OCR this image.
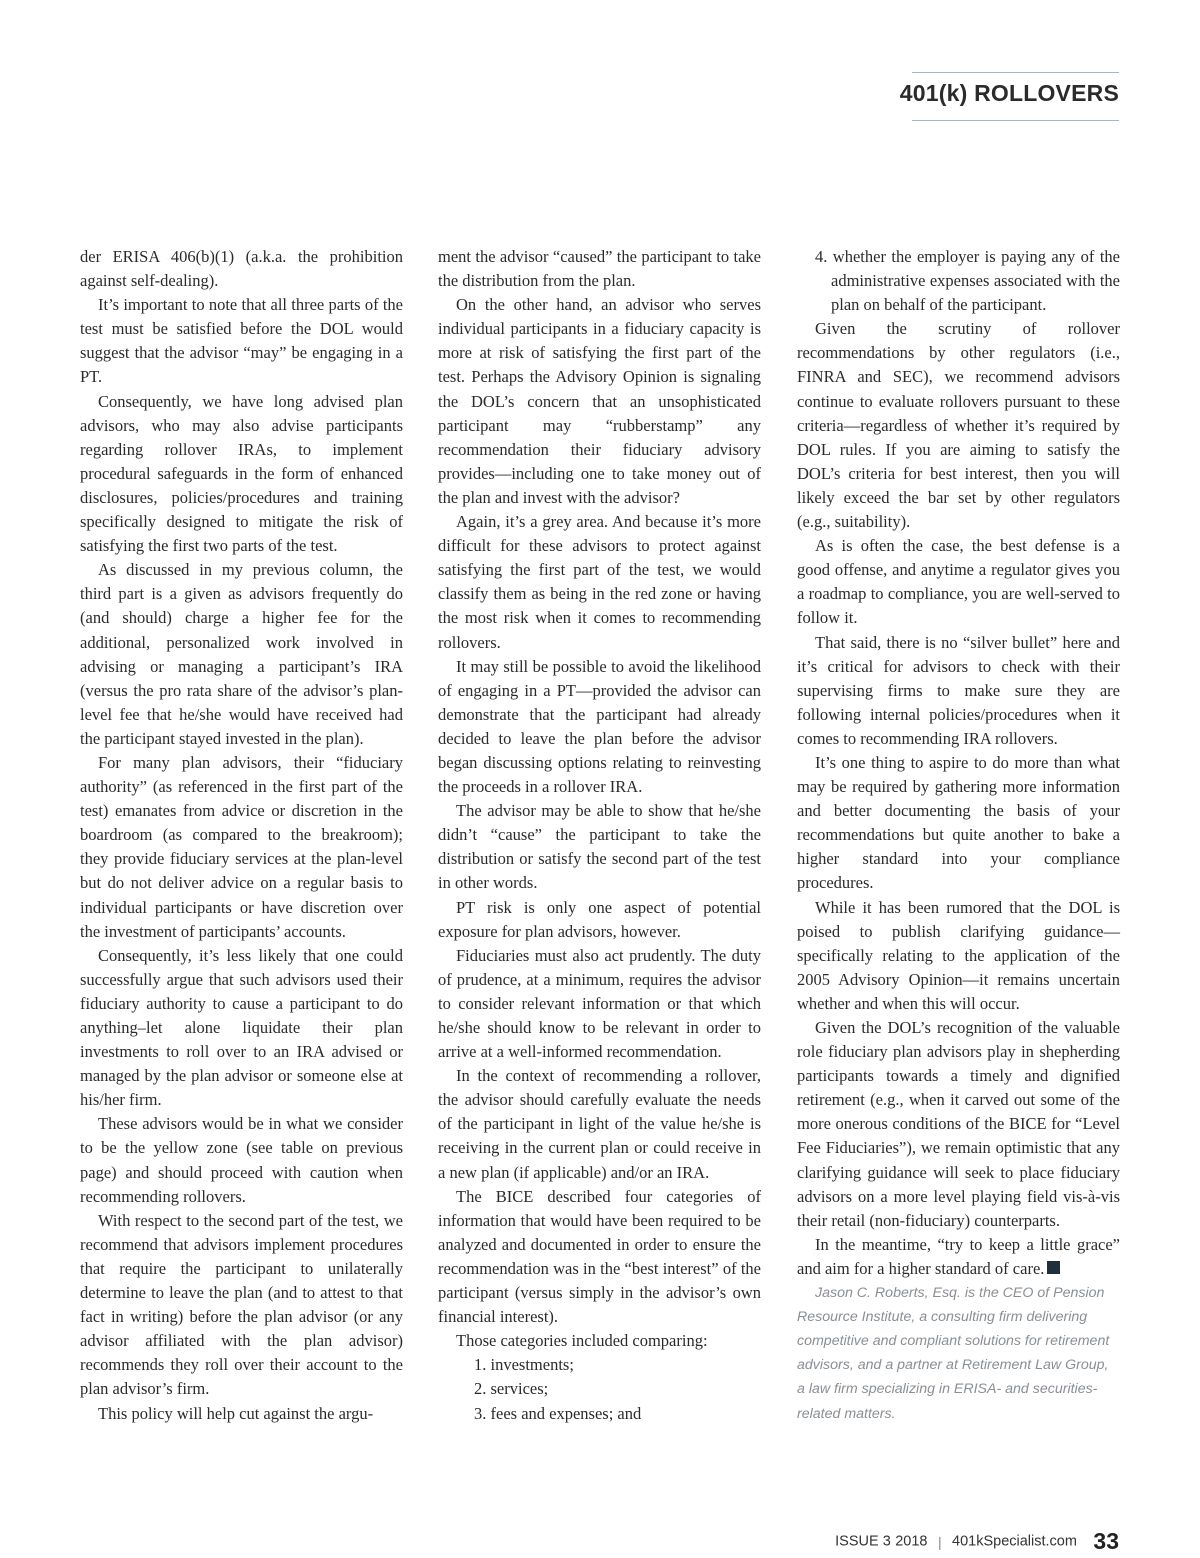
401(k) ROLLOVERS

der ERISA 406(b)(1) (a.k.a. the prohibition against self-dealing).

It’s important to note that all three parts of the test must be satisfied before the DOL would suggest that the advisor “may” be engaging in a PT.

Consequently, we have long advised plan advisors, who may also advise participants regarding rollover IRAs, to implement procedural safeguards in the form of enhanced disclosures, policies/procedures and training specifically designed to mitigate the risk of satisfying the first two parts of the test.

As discussed in my previous column, the third part is a given as advisors frequently do (and should) charge a higher fee for the additional, personalized work involved in advising or managing a participant’s IRA (versus the pro rata share of the advisor’s plan-level fee that he/she would have received had the participant stayed invested in the plan).

For many plan advisors, their “fiduciary authority” (as referenced in the first part of the test) emanates from advice or discretion in the boardroom (as compared to the breakroom); they provide fiduciary services at the plan-level but do not deliver advice on a regular basis to individual participants or have discretion over the investment of participants’ accounts.

Consequently, it’s less likely that one could successfully argue that such advisors used their fiduciary authority to cause a participant to do anything–let alone liquidate their plan investments to roll over to an IRA advised or managed by the plan advisor or someone else at his/her firm.

These advisors would be in what we consider to be the yellow zone (see table on previous page) and should proceed with caution when recommending rollovers.

With respect to the second part of the test, we recommend that advisors implement procedures that require the participant to unilaterally determine to leave the plan (and to attest to that fact in writing) before the plan advisor (or any advisor affiliated with the plan advisor) recommends they roll over their account to the plan advisor’s firm.

This policy will help cut against the argu-

ment the advisor “caused” the participant to take the distribution from the plan.

On the other hand, an advisor who serves individual participants in a fiduciary capacity is more at risk of satisfying the first part of the test. Perhaps the Advisory Opinion is signaling the DOL’s concern that an unsophisticated participant may “rubberstamp” any recommendation their fiduciary advisory provides—including one to take money out of the plan and invest with the advisor?

Again, it’s a grey area. And because it’s more difficult for these advisors to protect against satisfying the first part of the test, we would classify them as being in the red zone or having the most risk when it comes to recommending rollovers.

It may still be possible to avoid the likelihood of engaging in a PT—provided the advisor can demonstrate that the participant had already decided to leave the plan before the advisor began discussing options relating to reinvesting the proceeds in a rollover IRA.

The advisor may be able to show that he/she didn’t “cause” the participant to take the distribution or satisfy the second part of the test in other words.

PT risk is only one aspect of potential exposure for plan advisors, however.

Fiduciaries must also act prudently. The duty of prudence, at a minimum, requires the advisor to consider relevant information or that which he/she should know to be relevant in order to arrive at a well-informed recommendation.

In the context of recommending a rollover, the advisor should carefully evaluate the needs of the participant in light of the value he/she is receiving in the current plan or could receive in a new plan (if applicable) and/or an IRA.

The BICE described four categories of information that would have been required to be analyzed and documented in order to ensure the recommendation was in the “best interest” of the participant (versus simply in the advisor’s own financial interest).

Those categories included comparing:

1. investments;

2. services;

3. fees and expenses; and

4. whether the employer is paying any of the administrative expenses associated with the plan on behalf of the participant.

Given the scrutiny of rollover recommendations by other regulators (i.e., FINRA and SEC), we recommend advisors continue to evaluate rollovers pursuant to these criteria—regardless of whether it’s required by DOL rules. If you are aiming to satisfy the DOL’s criteria for best interest, then you will likely exceed the bar set by other regulators (e.g., suitability).

As is often the case, the best defense is a good offense, and anytime a regulator gives you a roadmap to compliance, you are well-served to follow it.

That said, there is no “silver bullet” here and it’s critical for advisors to check with their supervising firms to make sure they are following internal policies/procedures when it comes to recommending IRA rollovers.

It’s one thing to aspire to do more than what may be required by gathering more information and better documenting the basis of your recommendations but quite another to bake a higher standard into your compliance procedures.

While it has been rumored that the DOL is poised to publish clarifying guidance—specifically relating to the application of the 2005 Advisory Opinion—it remains uncertain whether and when this will occur.

Given the DOL’s recognition of the valuable role fiduciary plan advisors play in shepherding participants towards a timely and dignified retirement (e.g., when it carved out some of the more onerous conditions of the BICE for “Level Fee Fiduciaries”), we remain optimistic that any clarifying guidance will seek to place fiduciary advisors on a more level playing field vis-à-vis their retail (non-fiduciary) counterparts.

In the meantime, “try to keep a little grace” and aim for a higher standard of care.

Jason C. Roberts, Esq. is the CEO of Pension Resource Institute, a consulting firm delivering competitive and compliant solutions for retirement advisors, and a partner at Retirement Law Group, a law firm specializing in ERISA- and securities-related matters.

ISSUE 3 2018 | 401kSpecialist.com 33
